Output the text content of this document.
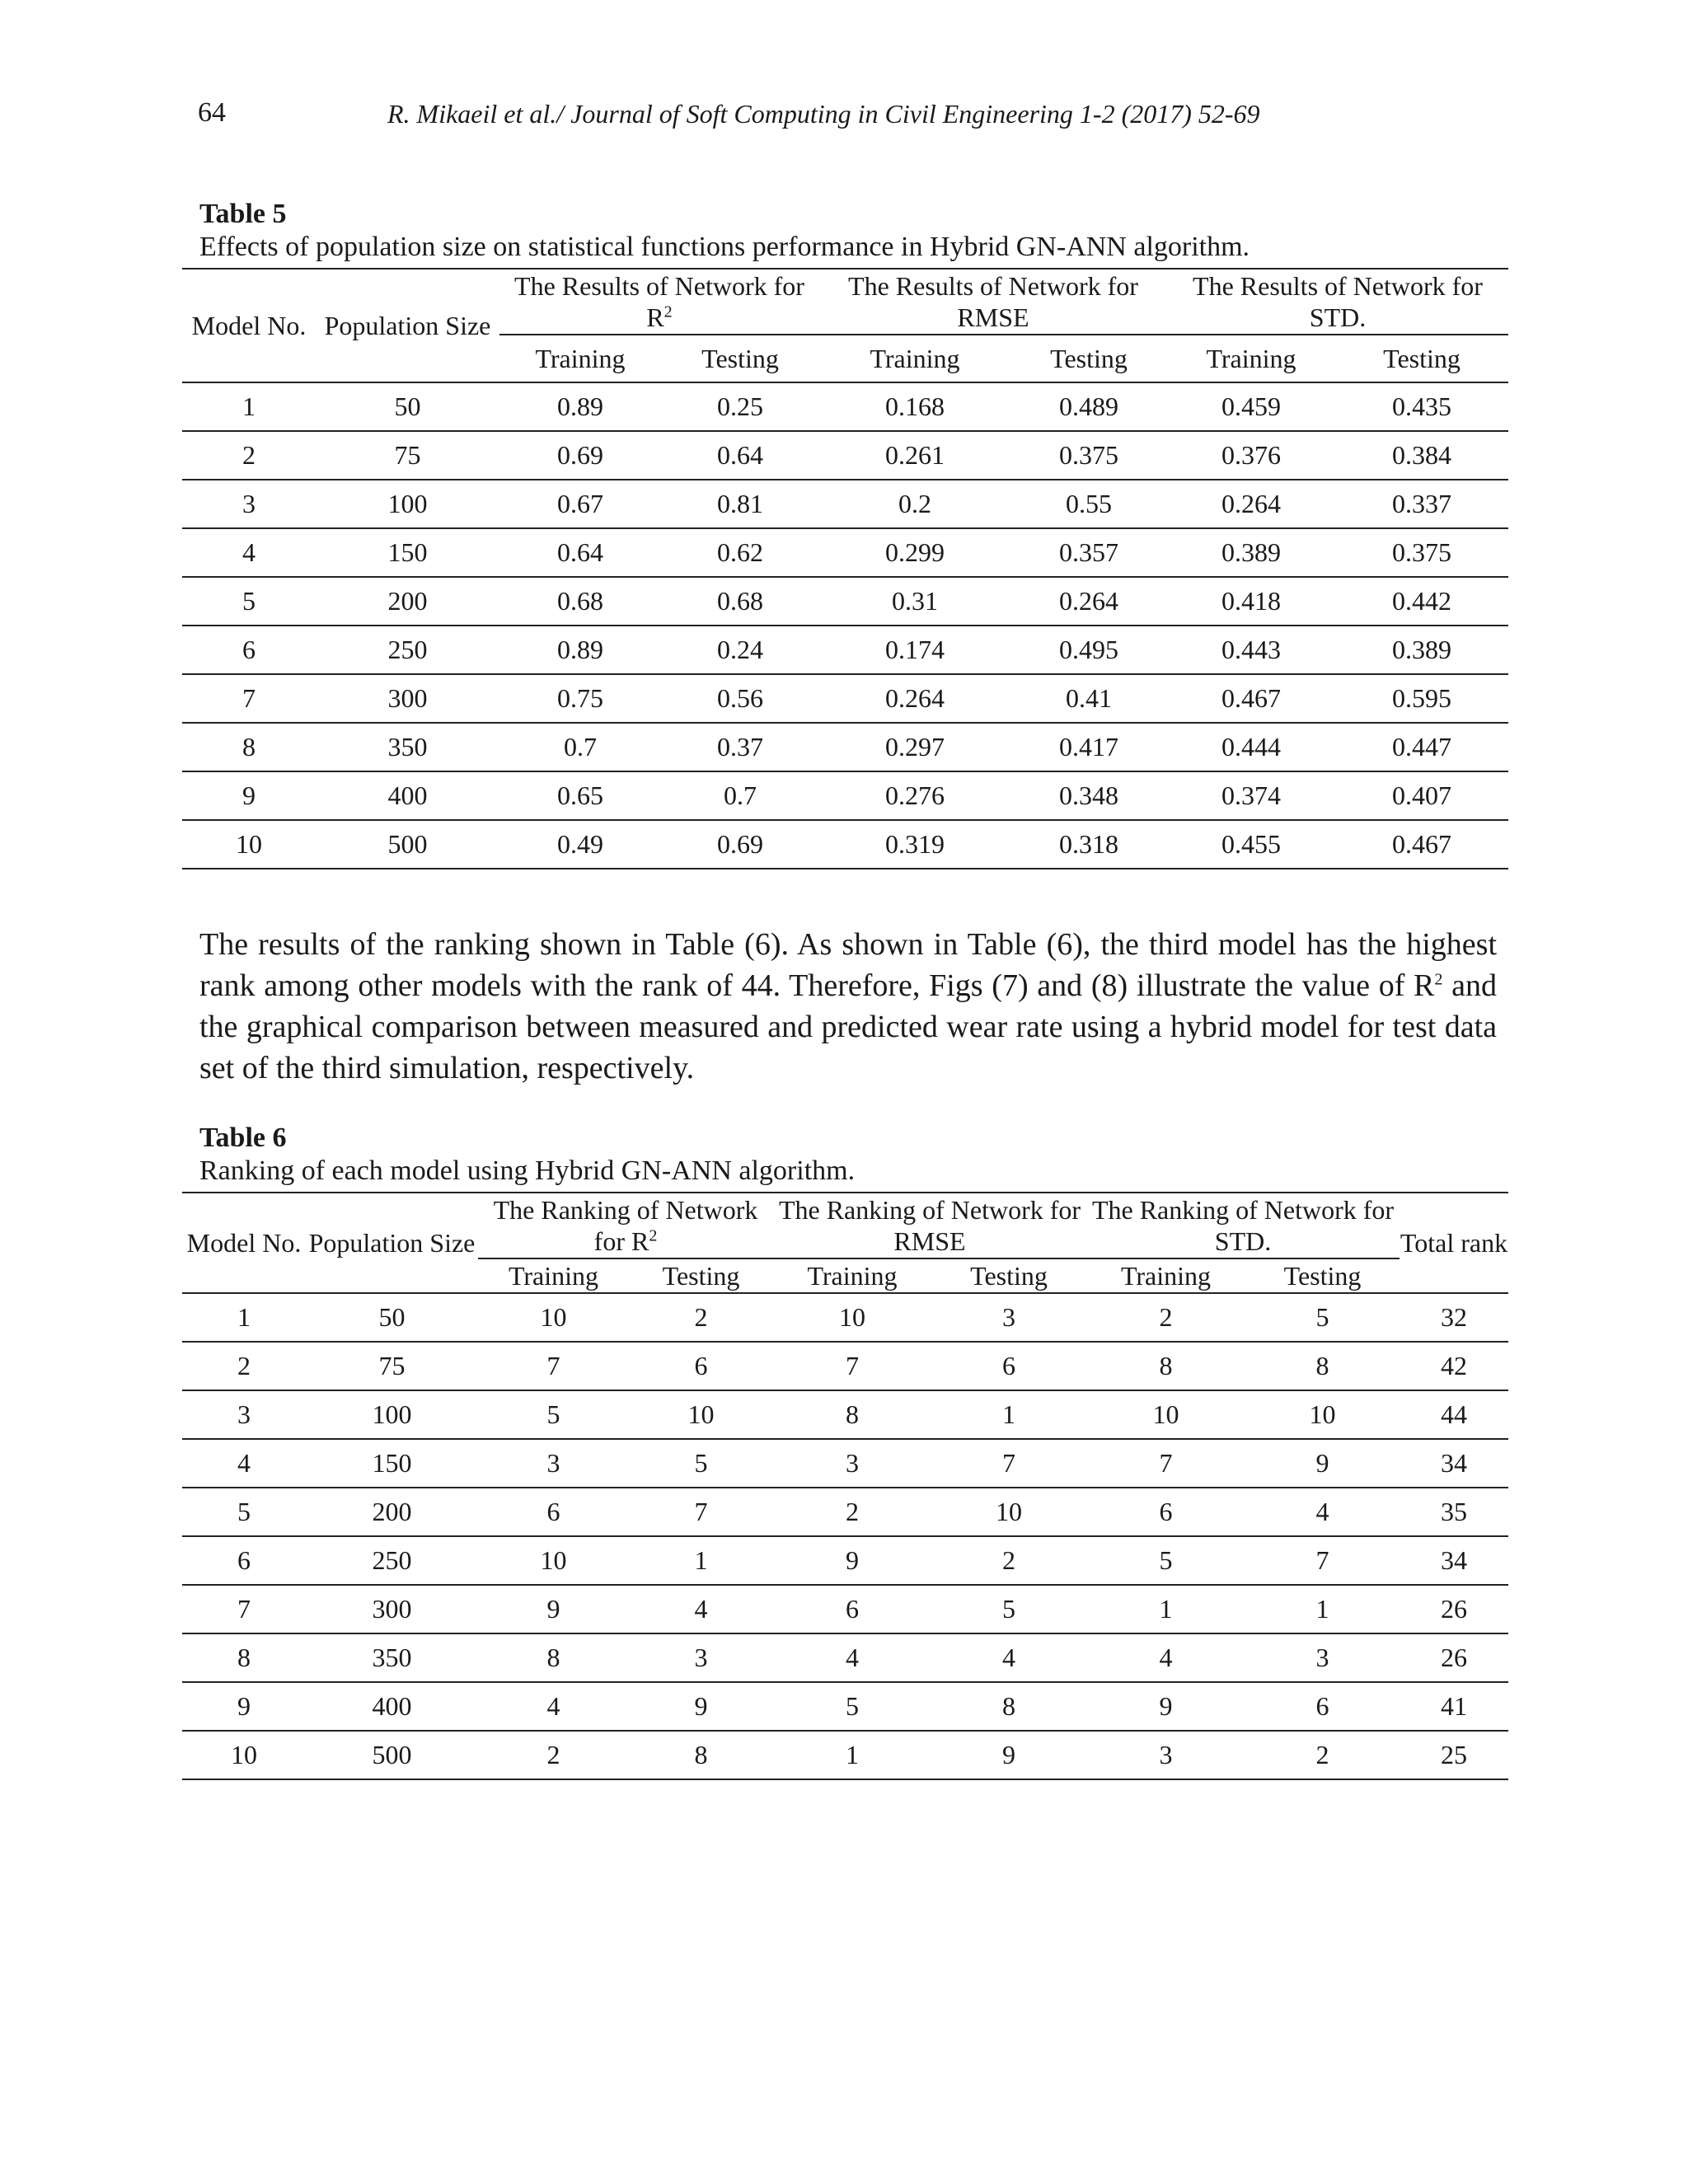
64	R. Mikaeil et al./ Journal of Soft Computing in Civil Engineering 1-2 (2017) 52-69
Table 5
Effects of population size on statistical functions performance in Hybrid GN-ANN algorithm.
Model No.	Population Size	The Results of Network for $R^2$		The Results of Network for RMSE		The Results of Network for STD.	
		Training	Testing	Training	Testing	Training	Testing
1	50	0.89	0.25	0.168	0.489	0.459	0.435
2	75	0.69	0.64	0.261	0.375	0.376	0.384
3	100	0.67	0.81	0.2	0.55	0.264	0.337
4	150	0.64	0.62	0.299	0.357	0.389	0.375
5	200	0.68	0.68	0.31	0.264	0.418	0.442
6	250	0.89	0.24	0.174	0.495	0.443	0.389
7	300	0.75	0.56	0.264	0.41	0.467	0.595
8	350	0.7	0.37	0.297	0.417	0.444	0.447
9	400	0.65	0.7	0.276	0.348	0.374	0.407
10	500	0.49	0.69	0.319	0.318	0.455	0.467
The results of the ranking shown in Table (6). As shown in Table (6), the third model has the highest rank among other models with the rank of 44. Therefore, Figs (7) and (8) illustrate the value of $R^2$ and the graphical comparison between measured and predicted wear rate using a hybrid model for test data set of the third simulation, respectively.
Table 6
Ranking of each model using Hybrid GN-ANN algorithm.
Model No.	Population Size	The Ranking of Network for $R^2$		The Ranking of Network for RMSE		The Ranking of Network for STD.		Total rank
		Training	Testing	Training	Testing	Training	Testing	
1	50	10	2	10	3	2	5	32
2	75	7	6	7	6	8	8	42
3	100	5	10	8	1	10	10	44
4	150	3	5	3	7	7	9	34
5	200	6	7	2	10	6	4	35
6	250	10	1	9	2	5	7	34
7	300	9	4	6	5	1	1	26
8	350	8	3	4	4	4	3	26
9	400	4	9	5	8	9	6	41
10	500	2	8	1	9	3	2	25
